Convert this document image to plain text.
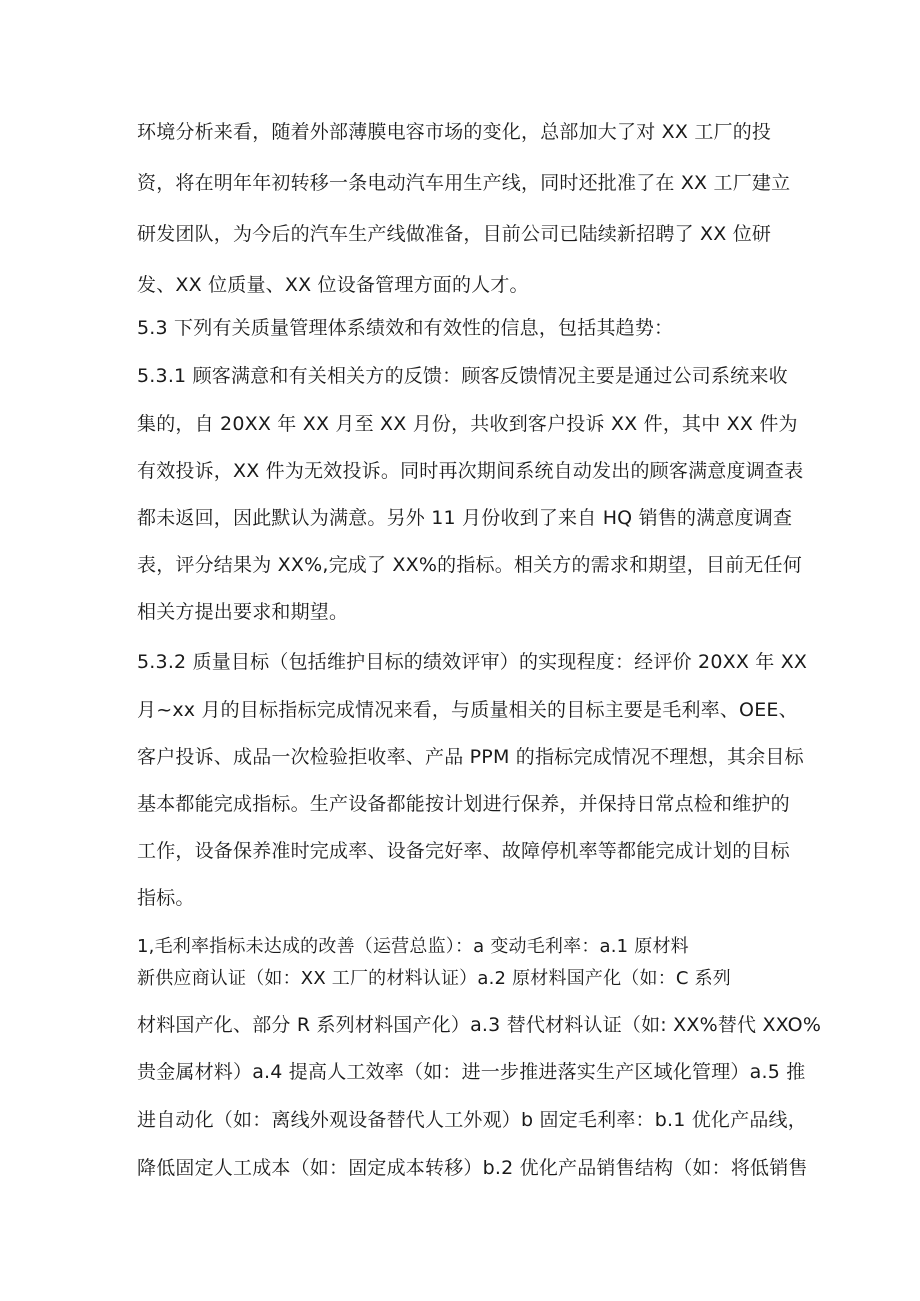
环境分析来看，随着外部薄膜电容市场的变化，总部加大了对 XX 工厂的投
资，将在明年年初转移一条电动汽车用生产线，同时还批准了在 XX 工厂建立
研发团队，为今后的汽车生产线做准备，目前公司已陆续新招聘了 XX 位研
发、XX 位质量、XX 位设备管理方面的人才。
5.3 下列有关质量管理体系绩效和有效性的信息，包括其趋势：
5.3.1 顾客满意和有关相关方的反馈：顾客反馈情况主要是通过公司系统来收
集的，自 20XX 年 XX 月至 XX 月份，共收到客户投诉 XX 件，其中 XX 件为
有效投诉，XX 件为无效投诉。同时再次期间系统自动发出的顾客满意度调查表
都未返回，因此默认为满意。另外 11 月份收到了来自 HQ 销售的满意度调查
表，评分结果为 XX%,完成了 XX%的指标。相关方的需求和期望，目前无任何
相关方提出要求和期望。
5.3.2 质量目标（包括维护目标的绩效评审）的实现程度：经评价 20XX 年 XX
月~xx 月的目标指标完成情况来看，与质量相关的目标主要是毛利率、OEE、
客户投诉、成品一次检验拒收率、产品 PPM 的指标完成情况不理想，其余目标
基本都能完成指标。生产设备都能按计划进行保养，并保持日常点检和维护的
工作，设备保养准时完成率、设备完好率、故障停机率等都能完成计划的目标
指标。
1,毛利率指标未达成的改善（运营总监）：a 变动毛利率：a.1 原材料
新供应商认证（如：XX 工厂的材料认证）a.2 原材料国产化（如：C 系列
材料国产化、部分 R 系列材料国产化）a.3 替代材料认证（如: XX%替代 XXO%
贵金属材料）a.4 提高人工效率（如：进一步推进落实生产区域化管理）a.5 推
进自动化（如：离线外观设备替代人工外观）b 固定毛利率：b.1 优化产品线，
降低固定人工成本（如：固定成本转移）b.2 优化产品销售结构（如：将低销售
